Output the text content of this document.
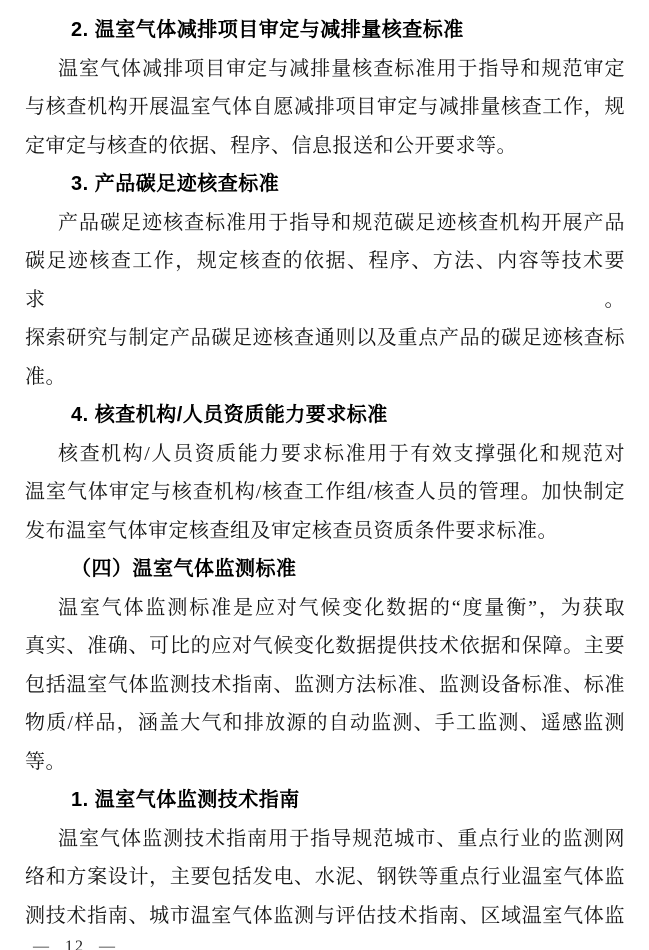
2. 温室气体减排项目审定与减排量核查标准
温室气体减排项目审定与减排量核查标准用于指导和规范审定
与核查机构开展温室气体自愿减排项目审定与减排量核查工作，规
定审定与核查的依据、程序、信息报送和公开要求等。
3. 产品碳足迹核查标准
产品碳足迹核查标准用于指导和规范碳足迹核查机构开展产品
碳足迹核查工作，规定核查的依据、程序、方法、内容等技术要求。
探索研究与制定产品碳足迹核查通则以及重点产品的碳足迹核查标
准。
4. 核查机构/人员资质能力要求标准
核查机构/人员资质能力要求标准用于有效支撑强化和规范对
温室气体审定与核查机构/核查工作组/核查人员的管理。加快制定
发布温室气体审定核查组及审定核查员资质条件要求标准。
（四）温室气体监测标准
温室气体监测标准是应对气候变化数据的“度量衡”，为获取
真实、准确、可比的应对气候变化数据提供技术依据和保障。主要
包括温室气体监测技术指南、监测方法标准、监测设备标准、标准
物质/样品，涵盖大气和排放源的自动监测、手工监测、遥感监测
等。
1. 温室气体监测技术指南
温室气体监测技术指南用于指导规范城市、重点行业的监测网
络和方案设计，主要包括发电、水泥、钢铁等重点行业温室气体监
测技术指南、城市温室气体监测与评估技术指南、区域温室气体监
— 12 —
